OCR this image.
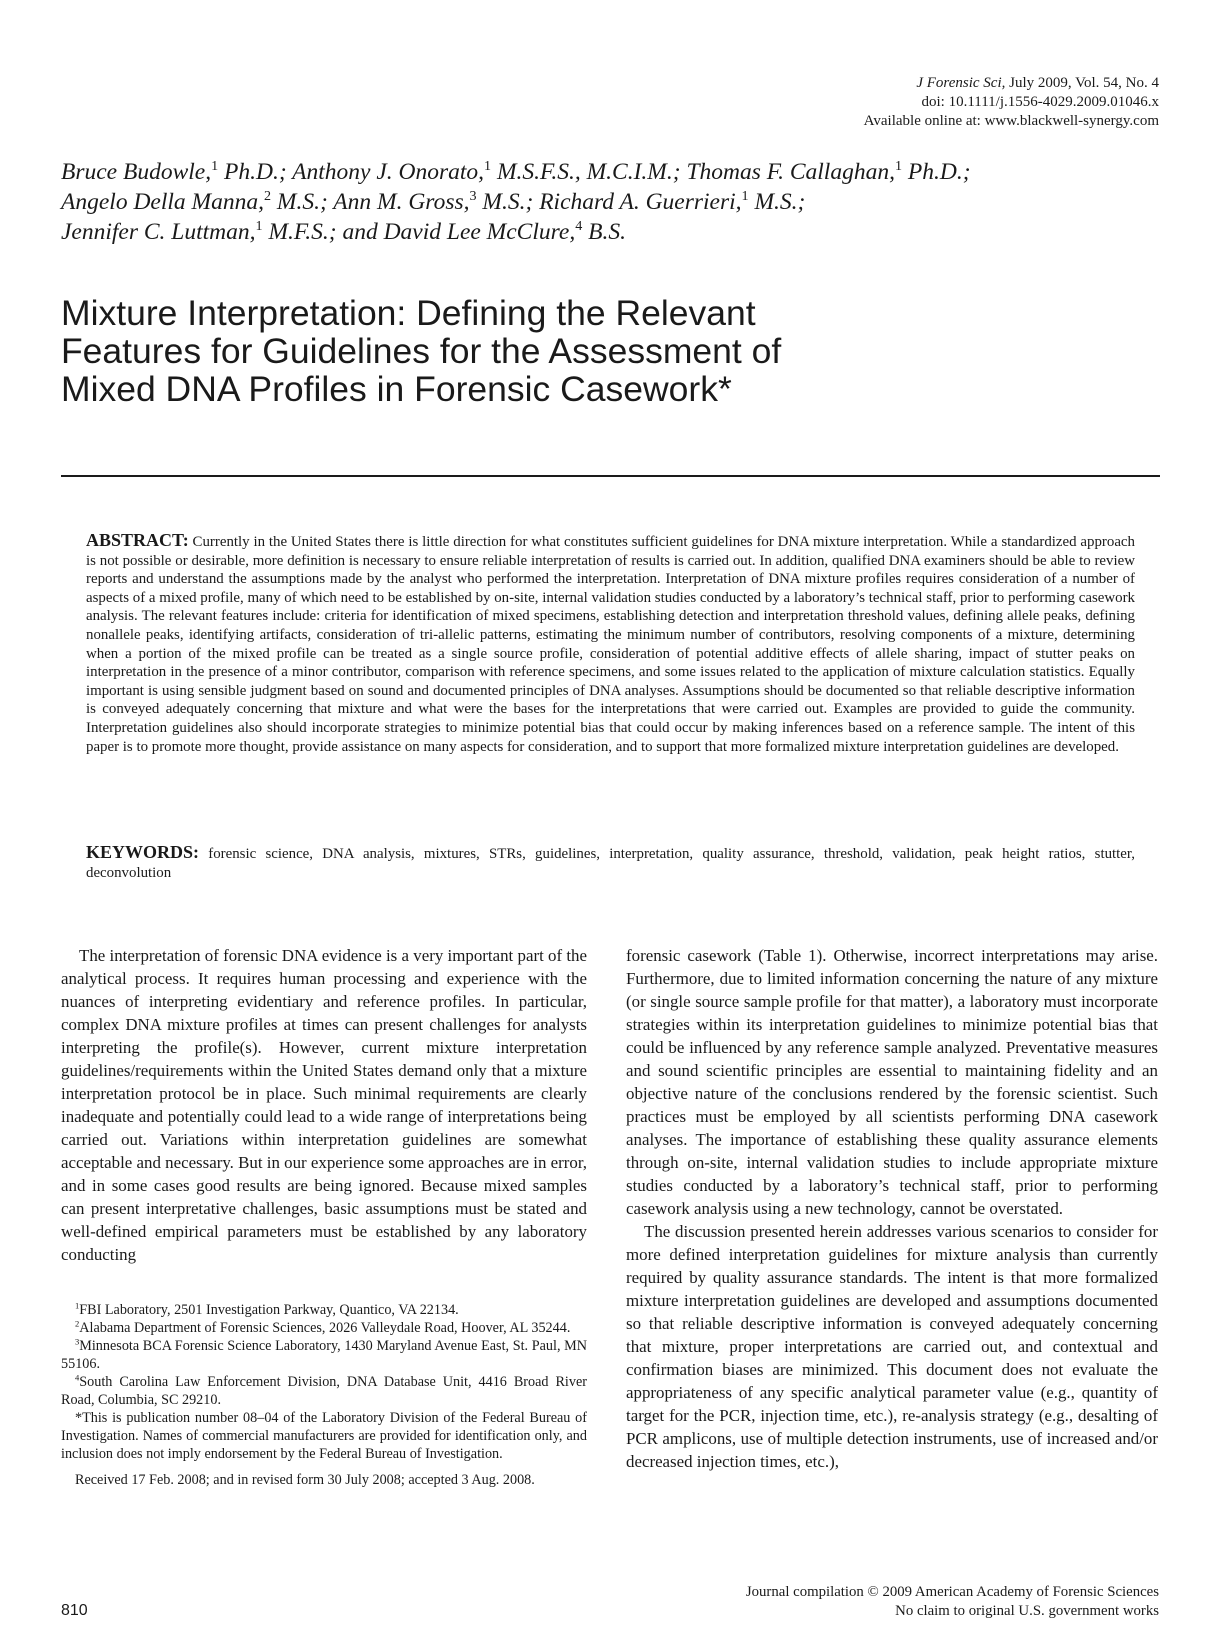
J Forensic Sci, July 2009, Vol. 54, No. 4
doi: 10.1111/j.1556-4029.2009.01046.x
Available online at: www.blackwell-synergy.com
Bruce Budowle,$^1$ Ph.D.; Anthony J. Onorato,$^1$ M.S.F.S., M.C.I.M.; Thomas F. Callaghan,$^1$ Ph.D.;
Angelo Della Manna,$^2$ M.S.; Ann M. Gross,$^3$ M.S.; Richard A. Guerrieri,$^1$ M.S.;
Jennifer C. Luttman,$^1$ M.F.S.; and David Lee McClure,$^4$ B.S.
Mixture Interpretation: Defining the Relevant
Features for Guidelines for the Assessment of
Mixed DNA Profiles in Forensic Casework*

ABSTRACT: Currently in the United States there is little direction for what constitutes sufficient guidelines for DNA mixture interpretation. While a standardized approach is not possible or desirable, more definition is necessary to ensure reliable interpretation of results is carried out. In addition, qualified DNA examiners should be able to review reports and understand the assumptions made by the analyst who performed the interpretation. Interpretation of DNA mixture profiles requires consideration of a number of aspects of a mixed profile, many of which need to be established by on-site, internal validation studies conducted by a laboratory’s technical staff, prior to performing casework analysis. The relevant features include: criteria for identification of mixed specimens, establishing detection and interpretation threshold values, defining allele peaks, defining nonallele peaks, identifying artifacts, consideration of tri-allelic patterns, estimating the minimum number of contributors, resolving components of a mixture, determining when a portion of the mixed profile can be treated as a single source profile, consideration of potential additive effects of allele sharing, impact of stutter peaks on interpretation in the presence of a minor contributor, comparison with reference specimens, and some issues related to the application of mixture calculation statistics. Equally important is using sensible judgment based on sound and documented principles of DNA analyses. Assumptions should be documented so that reliable descriptive information is conveyed adequately concerning that mixture and what were the bases for the interpretations that were carried out. Examples are provided to guide the community. Interpretation guidelines also should incorporate strategies to minimize potential bias that could occur by making inferences based on a reference sample. The intent of this paper is to promote more thought, provide assistance on many aspects for consideration, and to support that more formalized mixture interpretation guidelines are developed.

KEYWORDS: forensic science, DNA analysis, mixtures, STRs, guidelines, interpretation, quality assurance, threshold, validation, peak height ratios, stutter, deconvolution

The interpretation of forensic DNA evidence is a very important part of the analytical process. It requires human processing and experience with the nuances of interpreting evidentiary and reference profiles. In particular, complex DNA mixture profiles at times can present challenges for analysts interpreting the profile(s). However, current mixture interpretation guidelines/requirements within the United States demand only that a mixture interpretation protocol be in place. Such minimal requirements are clearly inadequate and potentially could lead to a wide range of interpretations being carried out. Variations within interpretation guidelines are somewhat acceptable and necessary. But in our experience some approaches are in error, and in some cases good results are being ignored. Because mixed samples can present interpretative challenges, basic assumptions must be stated and well-defined empirical parameters must be established by any laboratory conducting

forensic casework (Table 1). Otherwise, incorrect interpretations may arise. Furthermore, due to limited information concerning the nature of any mixture (or single source sample profile for that matter), a laboratory must incorporate strategies within its interpretation guidelines to minimize potential bias that could be influenced by any reference sample analyzed. Preventative measures and sound scientific principles are essential to maintaining fidelity and an objective nature of the conclusions rendered by the forensic scientist. Such practices must be employed by all scientists performing DNA casework analyses. The importance of establishing these quality assurance elements through on-site, internal validation studies to include appropriate mixture studies conducted by a laboratory’s technical staff, prior to performing casework analysis using a new technology, cannot be overstated.

The discussion presented herein addresses various scenarios to consider for more defined interpretation guidelines for mixture analysis than currently required by quality assurance standards. The intent is that more formalized mixture interpretation guidelines are developed and assumptions documented so that reliable descriptive information is conveyed adequately concerning that mixture, proper interpretations are carried out, and contextual and confirmation biases are minimized. This document does not evaluate the appropriateness of any specific analytical parameter value (e.g., quantity of target for the PCR, injection time, etc.), re-analysis strategy (e.g., desalting of PCR amplicons, use of multiple detection instruments, use of increased and/or decreased injection times, etc.),

$^1$FBI Laboratory, 2501 Investigation Parkway, Quantico, VA 22134.

$^2$Alabama Department of Forensic Sciences, 2026 Valleydale Road, Hoover, AL 35244.

$^3$Minnesota BCA Forensic Science Laboratory, 1430 Maryland Avenue East, St. Paul, MN 55106.

$^4$South Carolina Law Enforcement Division, DNA Database Unit, 4416 Broad River Road, Columbia, SC 29210.

*This is publication number 08–04 of the Laboratory Division of the Federal Bureau of Investigation. Names of commercial manufacturers are provided for identification only, and inclusion does not imply endorsement by the Federal Bureau of Investigation.

Received 17 Feb. 2008; and in revised form 30 July 2008; accepted 3 Aug. 2008.

Journal compilation © 2009 American Academy of Forensic Sciences
No claim to original U.S. government works
810
